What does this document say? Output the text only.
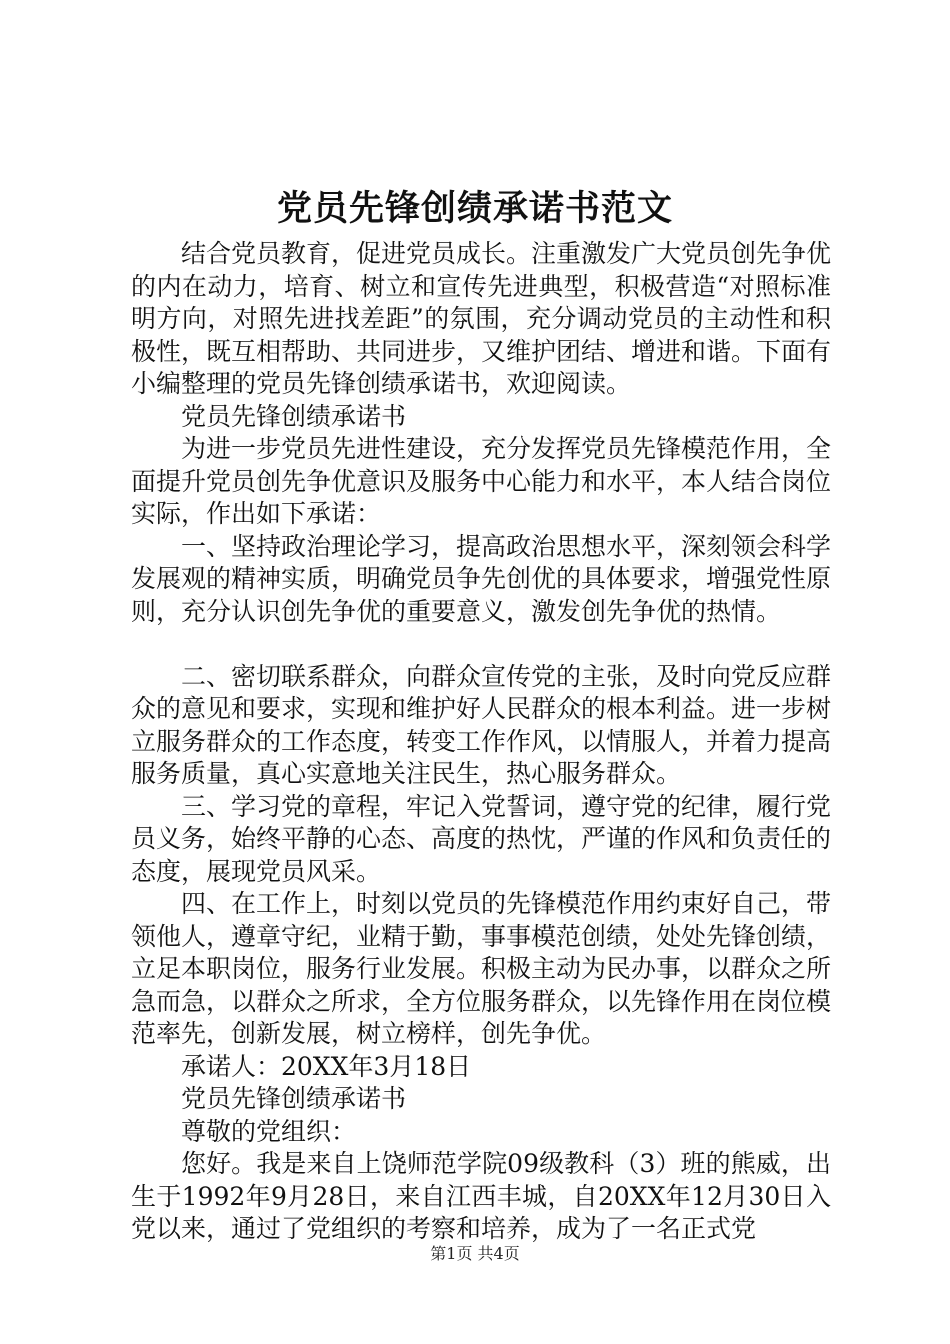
党员先锋创绩承诺书范文

结合党员教育，促进党员成长。注重激发广大党员创先争优的内在动力，培育、树立和宣传先进典型，积极营造“对照标准明方向，对照先进找差距”的氛围，充分调动党员的主动性和积极性，既互相帮助、共同进步，又维护团结、增进和谐。下面有小编整理的党员先锋创绩承诺书，欢迎阅读。

党员先锋创绩承诺书

为进一步党员先进性建设，充分发挥党员先锋模范作用，全面提升党员创先争优意识及服务中心能力和水平，本人结合岗位实际，作出如下承诺：

一、坚持政治理论学习，提高政治思想水平，深刻领会科学发展观的精神实质，明确党员争先创优的具体要求，增强党性原则，充分认识创先争优的重要意义，激发创先争优的热情。

二、密切联系群众，向群众宣传党的主张，及时向党反应群众的意见和要求，实现和维护好人民群众的根本利益。进一步树立服务群众的工作态度，转变工作作风，以情服人，并着力提高服务质量，真心实意地关注民生，热心服务群众。

三、学习党的章程，牢记入党誓词，遵守党的纪律，履行党员义务，始终平静的心态、高度的热忱，严谨的作风和负责任的态度，展现党员风采。

四、在工作上，时刻以党员的先锋模范作用约束好自己，带领他人，遵章守纪，业精于勤，事事模范创绩，处处先锋创绩，立足本职岗位，服务行业发展。积极主动为民办事，以群众之所急而急，以群众之所求，全方位服务群众，以先锋作用在岗位模范率先，创新发展，树立榜样，创先争优。

承诺人：20XX年3月18日

党员先锋创绩承诺书

尊敬的党组织：

您好。我是来自上饶师范学院09级教科（3）班的熊威，出生于1992年9月28日，来自江西丰城，自20XX年12月30日入党以来，通过了党组织的考察和培养，成为了一名正式党

第1页 共4页
